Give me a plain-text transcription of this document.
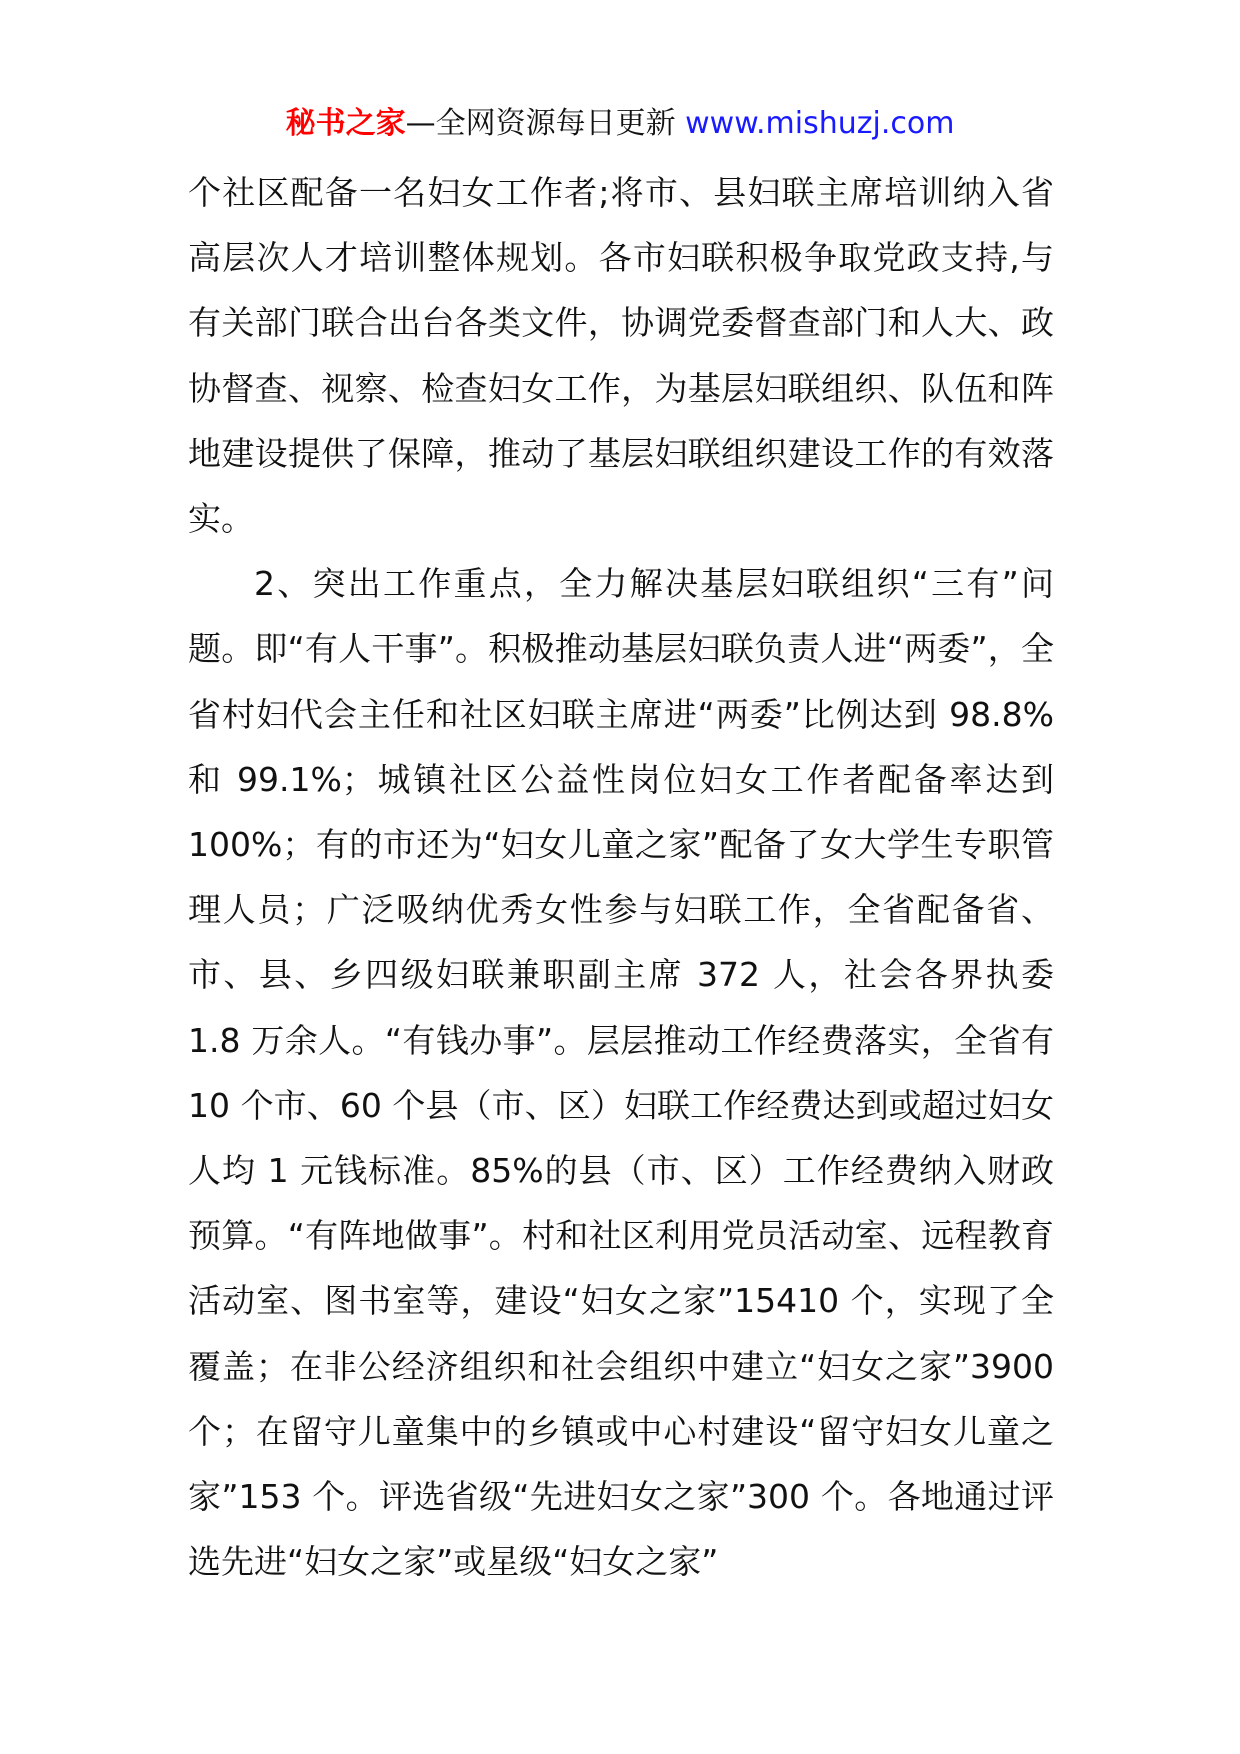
秘书之家—全网资源每日更新 www.mishuzj.com

个社区配备一名妇女工作者;将市、县妇联主席培训纳入省高层次人才培训整体规划。各市妇联积极争取党政支持,与有关部门联合出台各类文件，协调党委督查部门和人大、政协督查、视察、检查妇女工作，为基层妇联组织、队伍和阵地建设提供了保障，推动了基层妇联组织建设工作的有效落实。

2、突出工作重点，全力解决基层妇联组织“三有”问题。即“有人干事”。积极推动基层妇联负责人进“两委”，全省村妇代会主任和社区妇联主席进“两委”比例达到 98.8%和 99.1%；城镇社区公益性岗位妇女工作者配备率达到 100%；有的市还为“妇女儿童之家”配备了女大学生专职管理人员；广泛吸纳优秀女性参与妇联工作，全省配备省、市、县、乡四级妇联兼职副主席 372 人，社会各界执委 1.8 万余人。“有钱办事”。层层推动工作经费落实，全省有 10 个市、60 个县（市、区）妇联工作经费达到或超过妇女人均 1 元钱标准。85%的县（市、区）工作经费纳入财政预算。“有阵地做事”。村和社区利用党员活动室、远程教育活动室、图书室等，建设“妇女之家”15410 个，实现了全覆盖；在非公经济组织和社会组织中建立“妇女之家”3900 个；在留守儿童集中的乡镇或中心村建设“留守妇女儿童之家”153 个。评选省级“先进妇女之家”300 个。各地通过评选先进“妇女之家”或星级“妇女之家”
